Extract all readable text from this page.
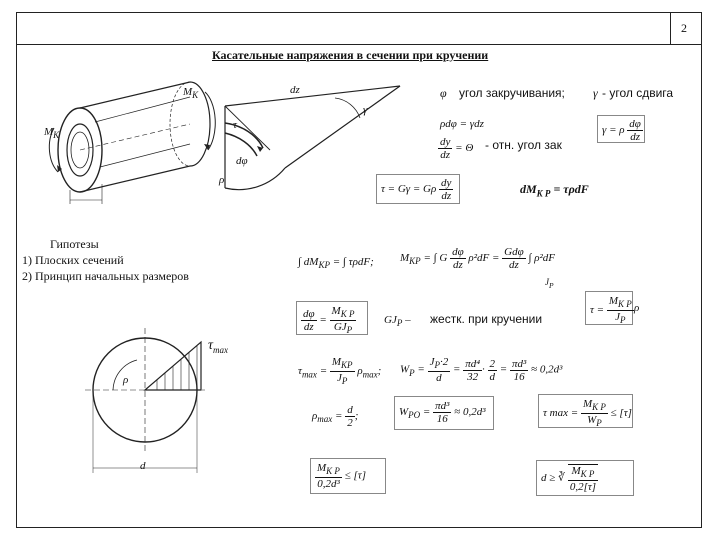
2
Касательные напряжения в сечении при кручении
$M_K$
$M_K$
dz
γ
τ
dφ
ρ
φ угол закручивания; γ - угол сдвига
ρdφ = γdz
$\frac{dy}{dz} = \Theta$ - отн. угол зак
γ = ρ $\frac{d\varphi}{dz}$
τ = Gγ = Gρ $\frac{dy}{dz}$	$dM_{K P} = \tau\rho dF$
Гипотезы
1) Плоских сечений
2) Принцип начальных размеров
∫ $dM_{KP}$ = ∫ τρdF; $M_{KP}$ = ∫ G $\frac{d\varphi}{dz} \rho^2dF = \frac{\text{Gdφ}}{dz}$ ∫ ρ²dF
$J_P$
$\frac{d\varphi}{dz} = \frac{M_{K P}}{GJ_P}$	$GJ_P$ – жестк. при кручении
$\tau = \frac{M_{K P}}{J_P}$ ρ
$\tau_{max}$
ρ
d
$\tau_{max} = \frac{M_{KP}}{J_P} \rho_{max}$; $W_P = \frac{J_P\cdot 2}{d} = \frac{\text{πd⁴}}{32} \cdot \frac{2}{d} = \frac{\text{πd³}}{16} \approx 0,2d^3$
$\rho_{max} = \frac{d}{2}$ ;	$W_{PO} = \frac{\text{πd³}}{16} \approx 0,2d^3$	τ $\max = \frac{M_{K P}}{W_P} \le [\tau]$
$\frac{M_{K P}}{\text{0,2d³}} \le [\tau]$	d ≥ ∛ $\frac{M_{K P}}{0,2[\tau]}$
